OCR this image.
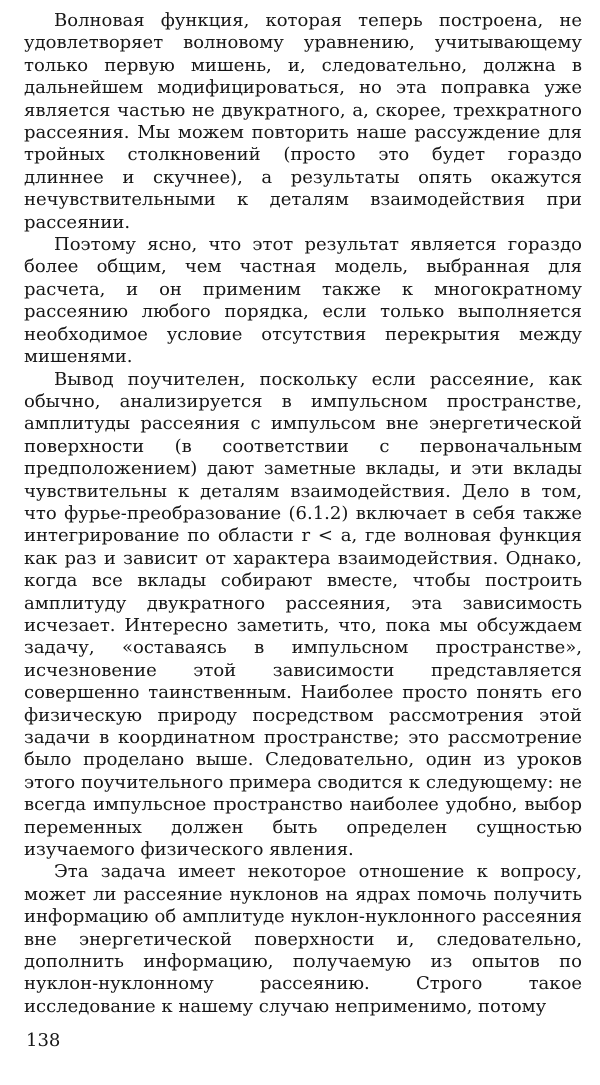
Волновая функция, которая теперь построена, не удовлетворяет волновому уравнению, учитывающему только первую мишень, и, следовательно, должна в дальнейшем модифицироваться, но эта поправка уже является частью не двукратного, а, скорее, трехкратного рассеяния. Мы можем повторить наше рассуждение для тройных столкновений (просто это будет гораздо длиннее и скучнее), а результаты опять окажутся нечувствительными к деталям взаимодействия при рассеянии.

Поэтому ясно, что этот результат является гораздо более общим, чем частная модель, выбранная для расчета, и он применим также к многократному рассеянию любого порядка, если только выполняется необходимое условие отсутствия перекрытия между мишенями.

Вывод поучителен, поскольку если рассеяние, как обычно, анализируется в импульсном пространстве, амплитуды рассеяния с импульсом вне энергетической поверхности (в соответствии с первоначальным предположением) дают заметные вклады, и эти вклады чувствительны к деталям взаимодействия. Дело в том, что фурье-преобразование (6.1.2) включает в себя также интегрирование по области r < a, где волновая функция как раз и зависит от характера взаимодействия. Однако, когда все вклады собирают вместе, чтобы построить амплитуду двукратного рассеяния, эта зависимость исчезает. Интересно заметить, что, пока мы обсуждаем задачу, «оставаясь в импульсном пространстве», исчезновение этой зависимости представляется совершенно таинственным. Наиболее просто понять его физическую природу посредством рассмотрения этой задачи в координатном пространстве; это рассмотрение было проделано выше. Следовательно, один из уроков этого поучительного примера сводится к следующему: не всегда импульсное пространство наиболее удобно, выбор переменных должен быть определен сущностью изучаемого физического явления.

Эта задача имеет некоторое отношение к вопросу, может ли рассеяние нуклонов на ядрах помочь получить информацию об амплитуде нуклон-нуклонного рассеяния вне энергетической поверхности и, следовательно, дополнить информацию, получаемую из опытов по нуклон-нуклонному рассеянию. Строго такое исследование к нашему случаю неприменимо, потому

138
